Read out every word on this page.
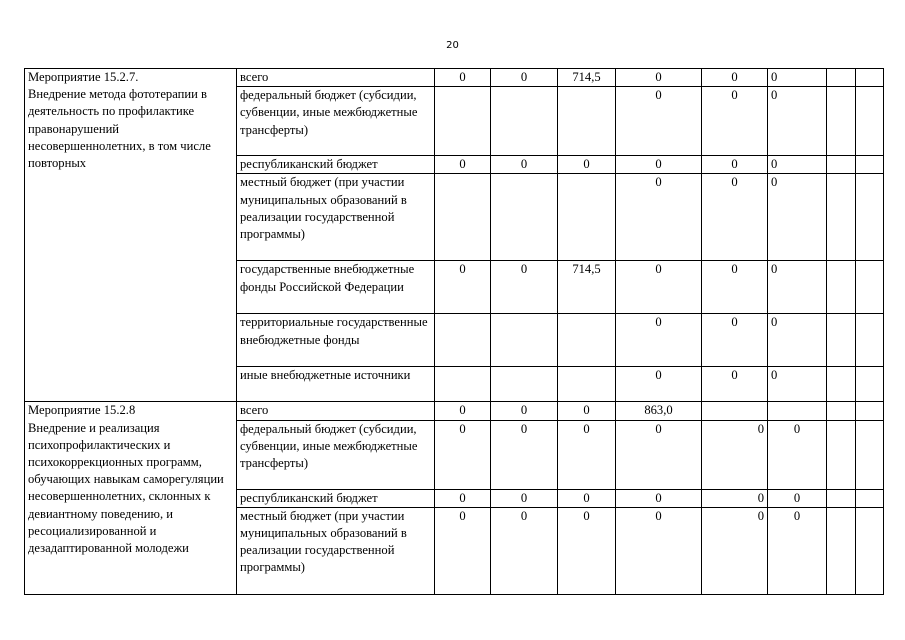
20
Мероприятие 15.2.7.
Внедрение метода фототерапии в деятельность по профилактике правонарушений несовершеннолетних, в том числе повторных	всего	0	0	714,5	0	0	0		
	федеральный бюджет (субсидии, субвенции, иные межбюджетные трансферты)				0	0	0		
	республиканский бюджет	0	0	0	0	0	0		
	местный бюджет (при участии муниципальных образований в реализации государственной программы)				0	0	0		
	государственные внебюджетные фонды Российской Федерации	0	0	714,5	0	0	0		
	территориальные государственные внебюджетные фонды				0	0	0		
	иные внебюджетные источники				0	0	0		

Мероприятие 15.2.8
Внедрение и реализация психопрофилактических и психокоррекционных программ, обучающих навыкам саморегуляции несовершеннолетних, склонных к девиантному поведению, и ресоциализированной и дезадаптированной молодежи	всего	0	0	0	863,0				
	федеральный бюджет (субсидии, субвенции, иные межбюджетные трансферты)	0	0	0	0	0	0		
	республиканский бюджет	0	0	0	0	0	0		
	местный бюджет (при участии муниципальных образований в реализации государственной программы)	0	0	0	0	0	0		
